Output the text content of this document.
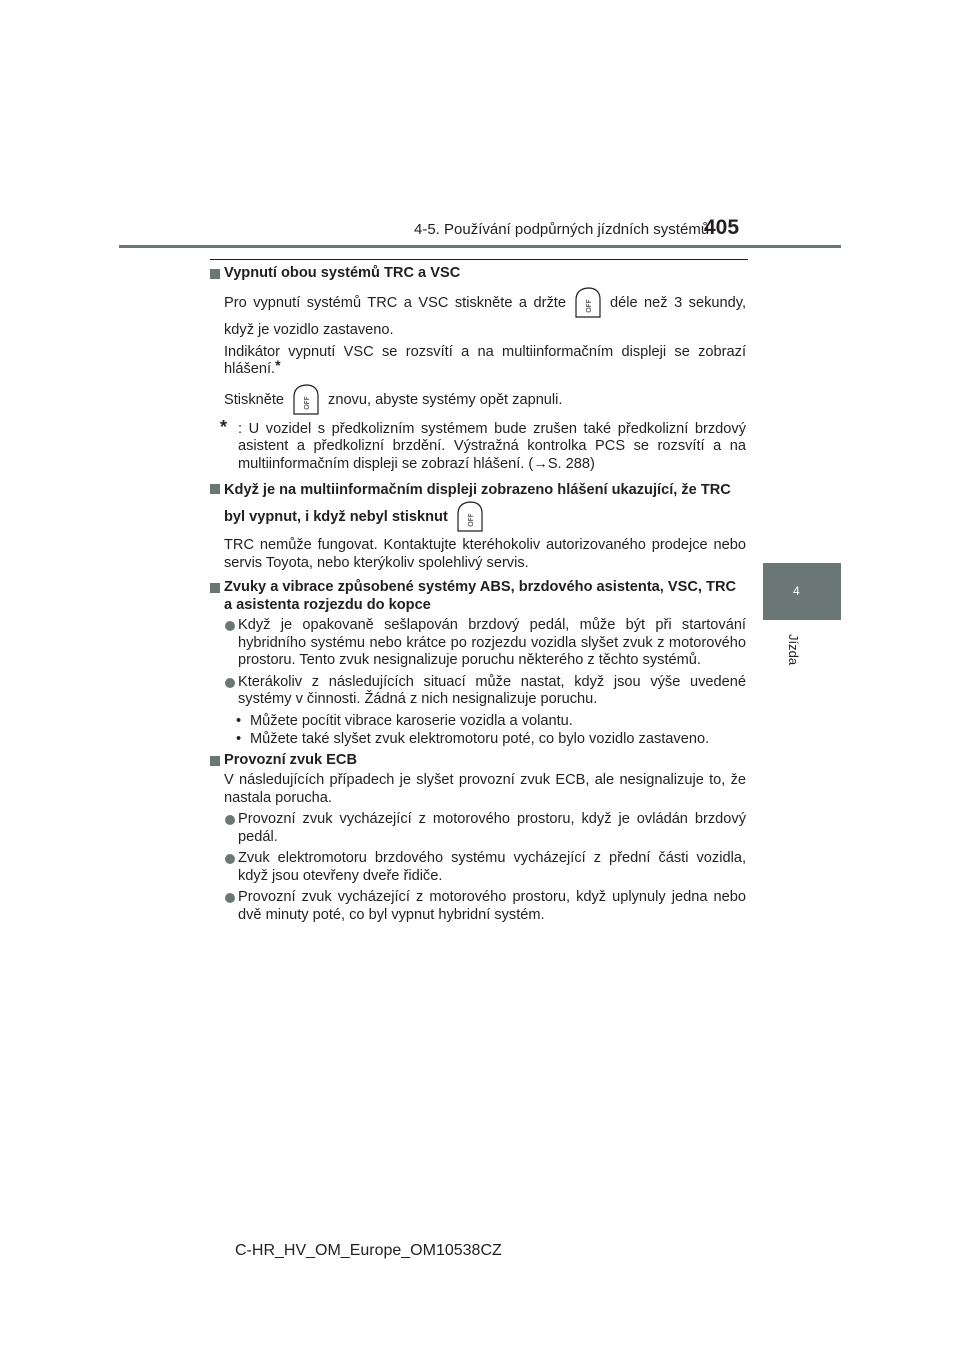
4-5. Používání podpůrných jízdních systémů
405
4
Jízda
Vypnutí obou systémů TRC a VSC
Pro vypnutí systémů TRC a VSC stiskněte a držte	OFF déle než 3 sekundy, když je vozidlo zastaveno.
Indikátor vypnutí VSC se rozsvítí a na multiinformačním displeji se zobrazí hlášení.*
Stiskněte	OFF znovu, abyste systémy opět zapnuli.
* : U vozidel s předkolizním systémem bude zrušen také předkolizní brzdový asistent a předkolizní brzdění. Výstražná kontrolka PCS se rozsvítí a na multiinformačním displeji se zobrazí hlášení. (→S. 288)
Když je na multiinformačním displeji zobrazeno hlášení ukazující, že TRC byl vypnut, i když nebyl stisknut	OFF
TRC nemůže fungovat. Kontaktujte kteréhokoliv autorizovaného prodejce nebo servis Toyota, nebo kterýkoliv spolehlivý servis.
Zvuky a vibrace způsobené systémy ABS, brzdového asistenta, VSC, TRC a asistenta rozjezdu do kopce
Když je opakovaně sešlapován brzdový pedál, může být při startování hybridního systému nebo krátce po rozjezdu vozidla slyšet zvuk z motorového prostoru. Tento zvuk nesignalizuje poruchu některého z těchto systémů.
Kterákoliv z následujících situací může nastat, když jsou výše uvedené systémy v činnosti. Žádná z nich nesignalizuje poruchu.
• Můžete pocítit vibrace karoserie vozidla a volantu.
• Můžete také slyšet zvuk elektromotoru poté, co bylo vozidlo zastaveno.
Provozní zvuk ECB
V následujících případech je slyšet provozní zvuk ECB, ale nesignalizuje to, že nastala porucha.
Provozní zvuk vycházející z motorového prostoru, když je ovládán brzdový pedál.
Zvuk elektromotoru brzdového systému vycházející z přední části vozidla, když jsou otevřeny dveře řidiče.
Provozní zvuk vycházející z motorového prostoru, když uplynuly jedna nebo dvě minuty poté, co byl vypnut hybridní systém.
C-HR_HV_OM_Europe_OM10538CZ
